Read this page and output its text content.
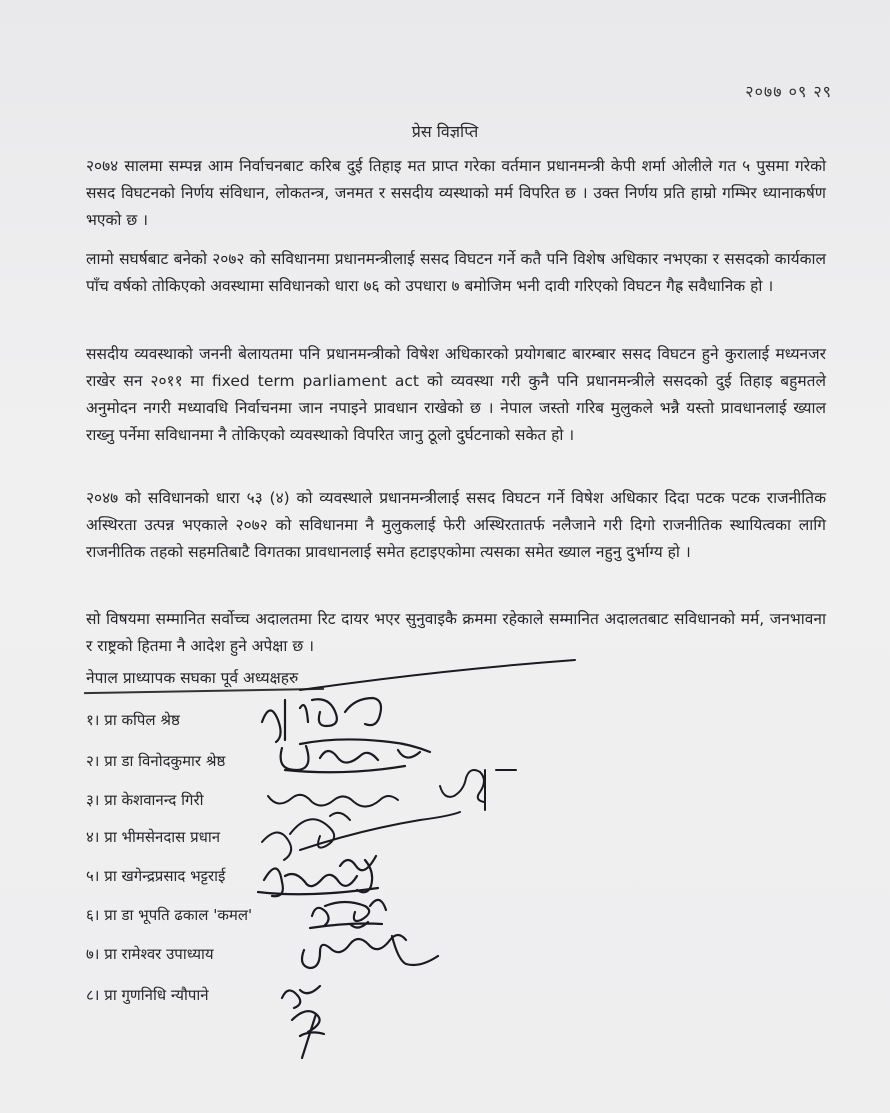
२०७७ ०९ २९
प्रेस विज्ञप्ति

२०७४ सालमा सम्पन्न आम निर्वाचनबाट करिब दुई तिहाइ मत प्राप्त गरेका वर्तमान प्रधानमन्त्री केपी शर्मा ओलीले गत ५ पुसमा गरेको ससद विघटनको निर्णय संविधान, लोकतन्त्र, जनमत र ससदीय व्यस्थाको मर्म विपरित छ । उक्त निर्णय प्रति हाम्रो गम्भिर ध्यानाकर्षण भएको छ ।

लामो सघर्षबाट बनेको २०७२ को सविधानमा प्रधानमन्त्रीलाई ससद विघटन गर्ने कतै पनि विशेष अधिकार नभएका र ससदको कार्यकाल पाँच वर्षको तोकिएको अवस्थामा सविधानको धारा ७६ को उपधारा ७ बमोजिम भनी दावी गरिएको विघटन गैह्र सवैधानिक हो ।

ससदीय व्यवस्थाको जननी बेलायतमा पनि प्रधानमन्त्रीको विषेश अधिकारको प्रयोगबाट बारम्बार ससद विघटन हुने कुरालाई मध्यनजर राखेर सन २०११ मा fixed term parliament act को व्यवस्था गरी कुनै पनि प्रधानमन्त्रीले ससदको दुई तिहाइ बहुमतले अनुमोदन नगरी मध्यावधि निर्वाचनमा जान नपाइने प्रावधान राखेको छ । नेपाल जस्तो गरिब मुलुकले भन्नै यस्तो प्रावधानलाई ख्याल राख्नु पर्नेमा सविधानमा नै तोकिएको व्यवस्थाको विपरित जानु ठूलो दुर्घटनाको सकेत हो ।

२०४७ को सविधानको धारा ५३ (४) को व्यवस्थाले प्रधानमन्त्रीलाई ससद विघटन गर्ने विषेश अधिकार दिदा पटक पटक राजनीतिक अस्थिरता उत्पन्न भएकाले २०७२ को सविधानमा नै मुलुकलाई फेरी अस्थिरतातर्फ नलैजाने गरी दिगो राजनीतिक स्थायित्वका लागि राजनीतिक तहको सहमतिबाटै विगतका प्रावधानलाई समेत हटाइएकोमा त्यसका समेत ख्याल नहुनु दुर्भाग्य हो ।

सो विषयमा सम्मानित सर्वोच्च अदालतमा रिट दायर भएर सुनुवाइकै क्रममा रहेकाले सम्मानित अदालतबाट सविधानको मर्म, जनभावना र राष्ट्रको हितमा नै आदेश हुने अपेक्षा छ ।

नेपाल प्राध्यापक सघका पूर्व अध्यक्षहरु
१। प्रा कपिल श्रेष्ठ
२। प्रा डा विनोदकुमार श्रेष्ठ
३। प्रा केशवानन्द गिरी
४। प्रा भीमसेनदास प्रधान
५। प्रा खगेन्द्रप्रसाद भट्टराई
६। प्रा डा भूपति ढकाल 'कमल'
७। प्रा रामेश्वर उपाध्याय
८। प्रा गुणनिधि न्यौपाने
